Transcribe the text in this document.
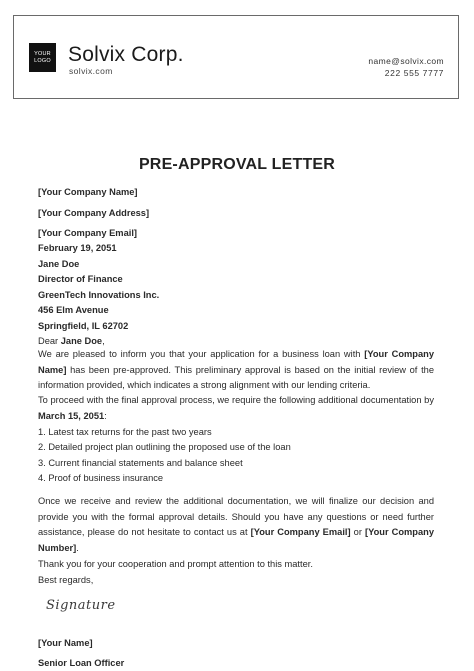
YOUR
LOGO Solvix Corp.
solvix.com
name@solvix.com
222 555 7777
PRE-APPROVAL LETTER
[Your Company Name]
[Your Company Address]
[Your Company Email]
February 19, 2051
Jane Doe
Director of Finance
GreenTech Innovations Inc.
456 Elm Avenue
Springfield, IL 62702
Dear Jane Doe,
We are pleased to inform you that your application for a business loan with [Your Company Name] has been pre-approved. This preliminary approval is based on the initial review of the information provided, which indicates a strong alignment with our lending criteria.
To proceed with the final approval process, we require the following additional documentation by March 15, 2051:
1. Latest tax returns for the past two years
2. Detailed project plan outlining the proposed use of the loan
3. Current financial statements and balance sheet
4. Proof of business insurance
Once we receive and review the additional documentation, we will finalize our decision and provide you with the formal approval details. Should you have any questions or need further assistance, please do not hesitate to contact us at [Your Company Email] or [Your Company Number].
Thank you for your cooperation and prompt attention to this matter.
Best regards,
Signature
[Your Name]
Senior Loan Officer
